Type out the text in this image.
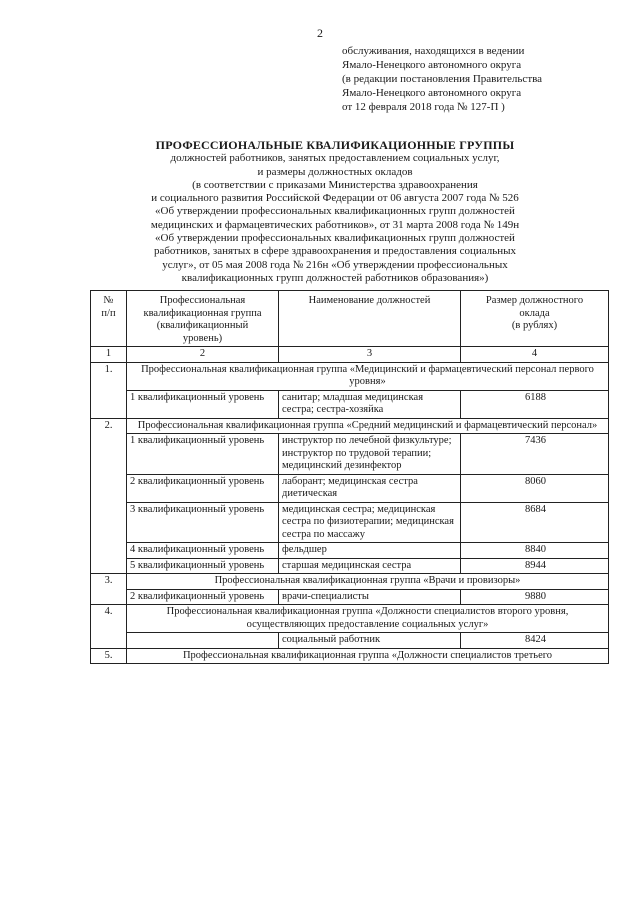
2
обслуживания, находящихся в ведении
Ямало-Ненецкого автономного округа
(в редакции постановления Правительства
Ямало-Ненецкого автономного округа
от 12 февраля 2018 года № 127-П )
ПРОФЕССИОНАЛЬНЫЕ КВАЛИФИКАЦИОННЫЕ ГРУППЫ
должностей работников, занятых предоставлением социальных услуг,
и размеры должностных окладов
(в соответствии с приказами Министерства здравоохранения
и социального развития Российской Федерации от 06 августа 2007 года № 526
«Об утверждении профессиональных квалификационных групп должностей
медицинских и фармацевтических работников», от 31 марта 2008 года № 149н
«Об утверждении профессиональных квалификационных групп должностей
работников, занятых в сфере здравоохранения и предоставления социальных
услуг», от 05 мая 2008 года № 216н «Об утверждении профессиональных
квалификационных групп должностей работников образования»)
№
п/п	Профессиональная
квалификационная группа
(квалификационный
уровень)	Наименование должностей	Размер должностного
оклада
(в рублях)
1	2	3	4
1.	Профессиональная квалификационная группа «Медицинский и фармацевтический персонал первого уровня»		
	1 квалификационный уровень	санитар; младшая медицинская сестра; сестра-хозяйка	6188
2.	Профессиональная квалификационная группа «Средний медицинский и фармацевтический персонал»		
	1 квалификационный уровень	инструктор по лечебной физкультуре; инструктор по трудовой терапии; медицинский дезинфектор	7436
	2 квалификационный уровень	лаборант; медицинская сестра диетическая	8060
	3 квалификационный уровень	медицинская сестра; медицинская сестра по физиотерапии; медицинская сестра по массажу	8684
	4 квалификационный уровень	фельдшер	8840
	5 квалификационный уровень	старшая медицинская сестра	8944
3.	Профессиональная квалификационная группа «Врачи и провизоры»		
	2 квалификационный уровень	врачи-специалисты	9880
4.	Профессиональная квалификационная группа «Должности специалистов второго уровня, осуществляющих предоставление социальных услуг»		
		социальный работник	8424
5.	Профессиональная квалификационная группа «Должности специалистов третьего		
